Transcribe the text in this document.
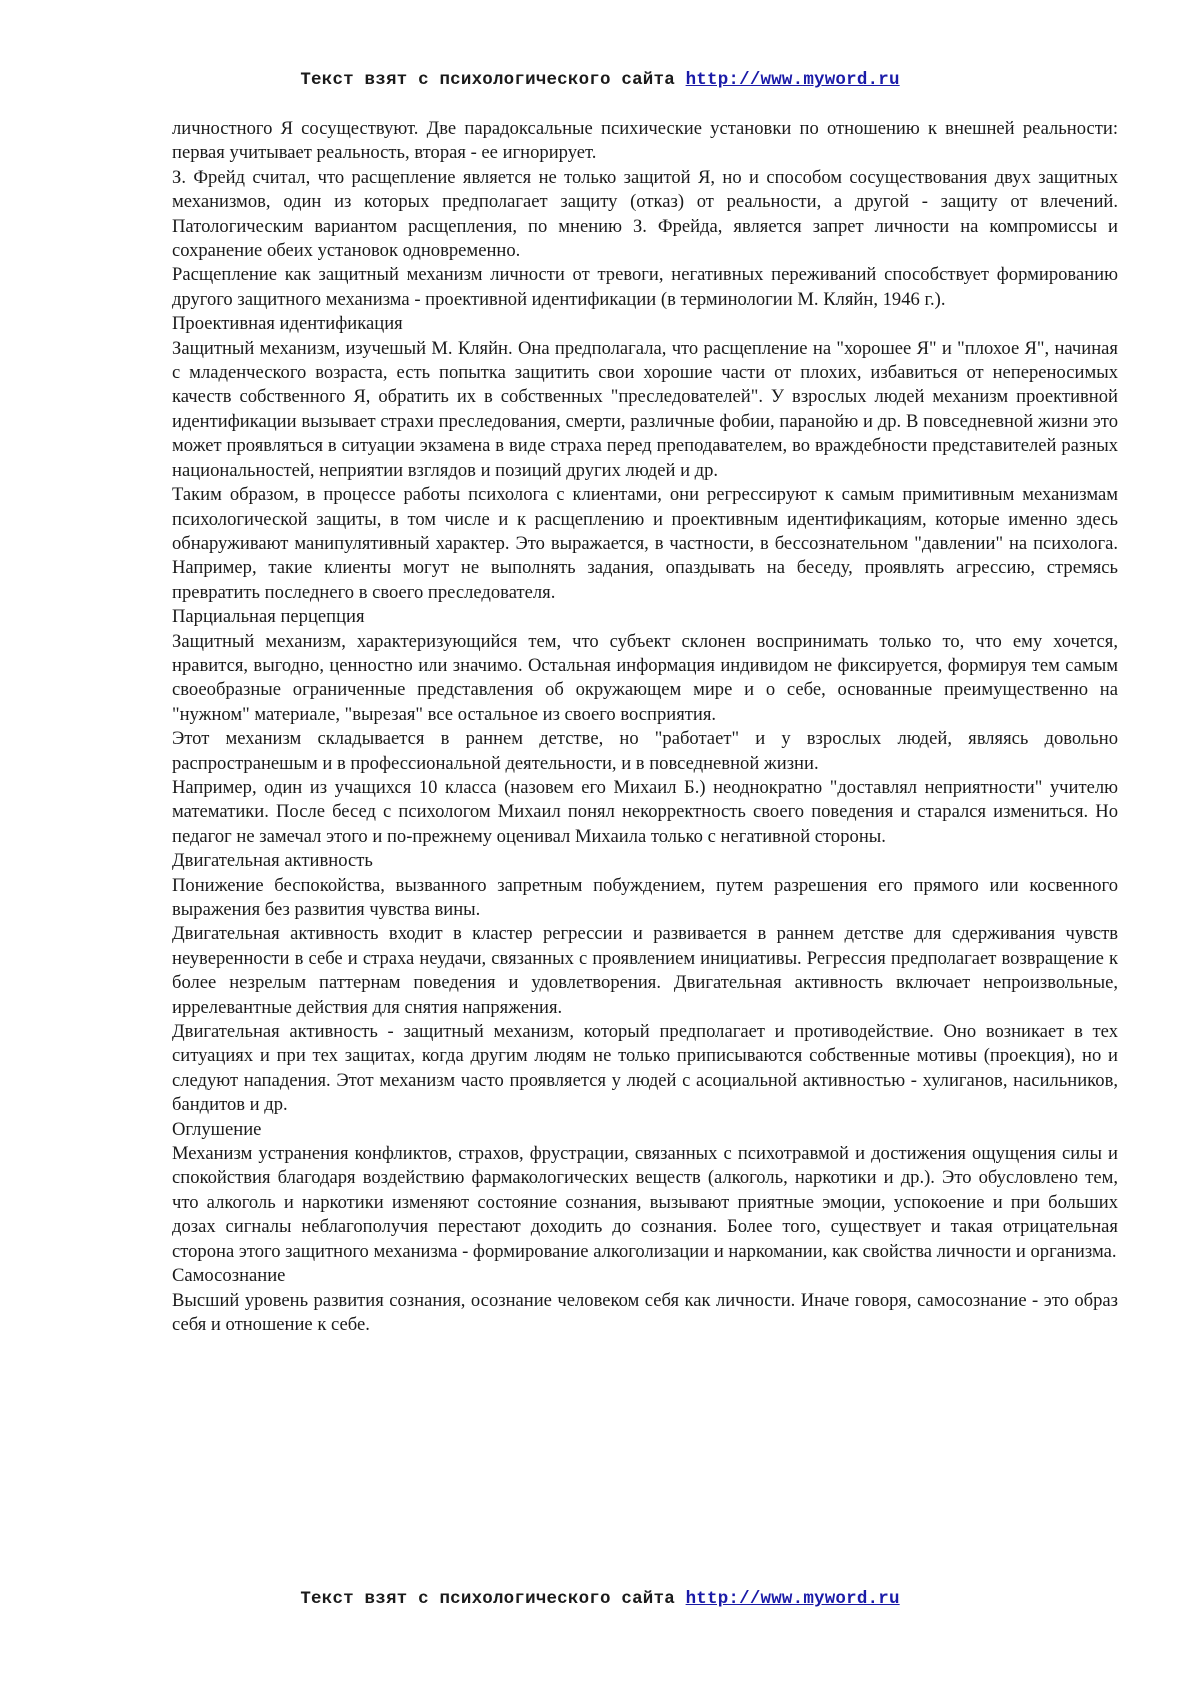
Текст взят с психологического сайта http://www.myword.ru

личностного Я сосуществуют. Две парадоксальные психические установки по отношению к внешней реальности: первая учитывает реальность, вторая - ее игнорирует.

З. Фрейд считал, что расщепление является не только защитой Я, но и способом сосуществования двух защитных механизмов, один из которых предполагает защиту (отказ) от реальности, а другой - защиту от влечений. Патологическим вариантом расщепления, по мнению З. Фрейда, является запрет личности на компромиссы и сохранение обеих установок одновременно.

Расщепление как защитный механизм личности от тревоги, негативных переживаний способствует формированию другого защитного механизма - проективной идентификации (в терминологии М. Кляйн, 1946 г.).

Проективная идентификация

Защитный механизм, изучешый М. Кляйн. Она предполагала, что расщепление на "хорошее Я" и "плохое Я", начиная с младенческого возраста, есть попытка защитить свои хорошие части от плохих, избавиться от непереносимых качеств собственного Я, обратить их в собственных "преследователей". У взрослых людей механизм проективной идентификации вызывает страхи преследования, смерти, различные фобии, паранойю и др. В повседневной жизни это может проявляться в ситуации экзамена в виде страха перед преподавателем, во враждебности представителей разных национальностей, неприятии взглядов и позиций других людей и др.

Таким образом, в процессе работы психолога с клиентами, они регрессируют к самым примитивным механизмам психологической защиты, в том числе и к расщеплению и проективным идентификациям, которые именно здесь обнаруживают манипулятивный характер. Это выражается, в частности, в бессознательном "давлении" на психолога. Например, такие клиенты могут не выполнять задания, опаздывать на беседу, проявлять агрессию, стремясь превратить последнего в своего преследователя.

Парциальная перцепция

Защитный механизм, характеризующийся тем, что субъект склонен воспринимать только то, что ему хочется, нравится, выгодно, ценностно или значимо. Остальная информация индивидом не фиксируется, формируя тем самым своеобразные ограниченные представления об окружающем мире и о себе, основанные преимущественно на "нужном" материале, "вырезая" все остальное из своего восприятия.

Этот механизм складывается в раннем детстве, но "работает" и у взрослых людей, являясь довольно распространешым и в профессиональной деятельности, и в повседневной жизни.

Например, один из учащихся 10 класса (назовем его Михаил Б.) неоднократно "доставлял неприятности" учителю математики. После бесед с психологом Михаил понял некорректность своего поведения и старался измениться. Но педагог не замечал этого и по-прежнему оценивал Михаила только с негативной стороны.

Двигательная активность

Понижение беспокойства, вызванного запретным побуждением, путем разрешения его прямого или косвенного выражения без развития чувства вины.

Двигательная активность входит в кластер регрессии и развивается в раннем детстве для сдерживания чувств неуверенности в себе и страха неудачи, связанных с проявлением инициативы. Регрессия предполагает возвращение к более незрелым паттернам поведения и удовлетворения. Двигательная активность включает непроизвольные, иррелевантные действия для снятия напряжения.

Двигательная активность - защитный механизм, который предполагает и противодействие. Оно возникает в тех ситуациях и при тех защитах, когда другим людям не только приписываются собственные мотивы (проекция), но и следуют нападения. Этот механизм часто проявляется у людей с асоциальной активностью - хулиганов, насильников, бандитов и др.

Оглушение

Механизм устранения конфликтов, страхов, фрустрации, связанных с психотравмой и достижения ощущения силы и спокойствия благодаря воздействию фармакологических веществ (алкоголь, наркотики и др.). Это обусловлено тем, что алкоголь и наркотики изменяют состояние сознания, вызывают приятные эмоции, успокоение и при больших дозах сигналы неблагополучия перестают доходить до сознания. Более того, существует и такая отрицательная сторона этого защитного механизма - формирование алкоголизации и наркомании, как свойства личности и организма.

Самосознание

Высший уровень развития сознания, осознание человеком себя как личности. Иначе говоря, самосознание - это образ себя и отношение к себе.

Текст взят с психологического сайта http://www.myword.ru
